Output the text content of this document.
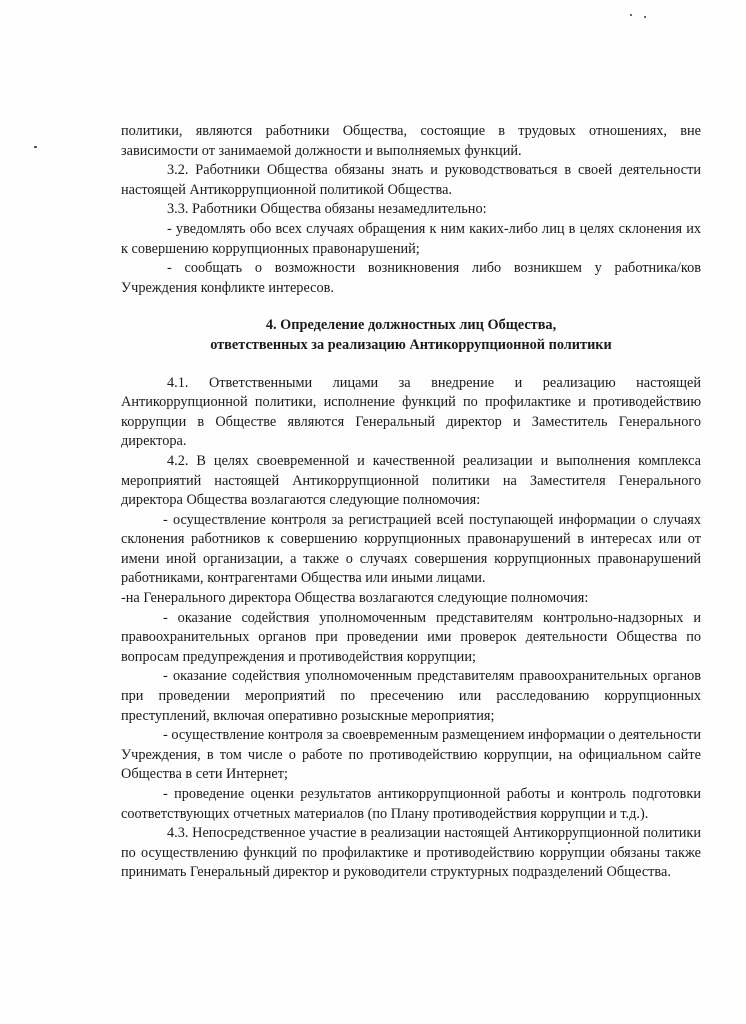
политики, являются работники Общества, состоящие в трудовых отношениях, вне зависимости от занимаемой должности и выполняемых функций.

3.2. Работники Общества обязаны знать и руководствоваться в своей деятельности настоящей Антикоррупционной политикой Общества.

3.3. Работники Общества обязаны незамедлительно:

- уведомлять обо всех случаях обращения к ним каких-либо лиц в целях склонения их к совершению коррупционных правонарушений;

- сообщать о возможности возникновения либо возникшем у работника/ков Учреждения конфликте интересов.

4. Определение должностных лиц Общества,
ответственных за реализацию Антикоррупционной политики

4.1. Ответственными лицами за внедрение и реализацию настоящей Антикоррупционной политики, исполнение функций по профилактике и противодействию коррупции в Обществе являются Генеральный директор и Заместитель Генерального директора.

4.2. В целях своевременной и качественной реализации и выполнения комплекса мероприятий настоящей Антикоррупционной политики на Заместителя Генерального директора Общества возлагаются следующие полномочия:

- осуществление контроля за регистрацией всей поступающей информации о случаях склонения работников к совершению коррупционных правонарушений в интересах или от имени иной организации, а также о случаях совершения коррупционных правонарушений работниками, контрагентами Общества или иными лицами.

-на Генерального директора Общества возлагаются следующие полномочия:

- оказание содействия уполномоченным представителям контрольно-надзорных и правоохранительных органов при проведении ими проверок деятельности Общества по вопросам предупреждения и противодействия коррупции;

- оказание содействия уполномоченным представителям правоохранительных органов при проведении мероприятий по пресечению или расследованию коррупционных преступлений, включая оперативно розыскные мероприятия;

- осуществление контроля за своевременным размещением информации о деятельности Учреждения, в том числе о работе по противодействию коррупции, на официальном сайте Общества в сети Интернет;

- проведение оценки результатов антикоррупционной работы и контроль подготовки соответствующих отчетных материалов (по Плану противодействия коррупции и т.д.).

4.3. Непосредственное участие в реализации настоящей Антикоррупционной политики по осуществлению функций по профилактике и противодействию коррупции обязаны также принимать Генеральный директор и руководители структурных подразделений Общества.
